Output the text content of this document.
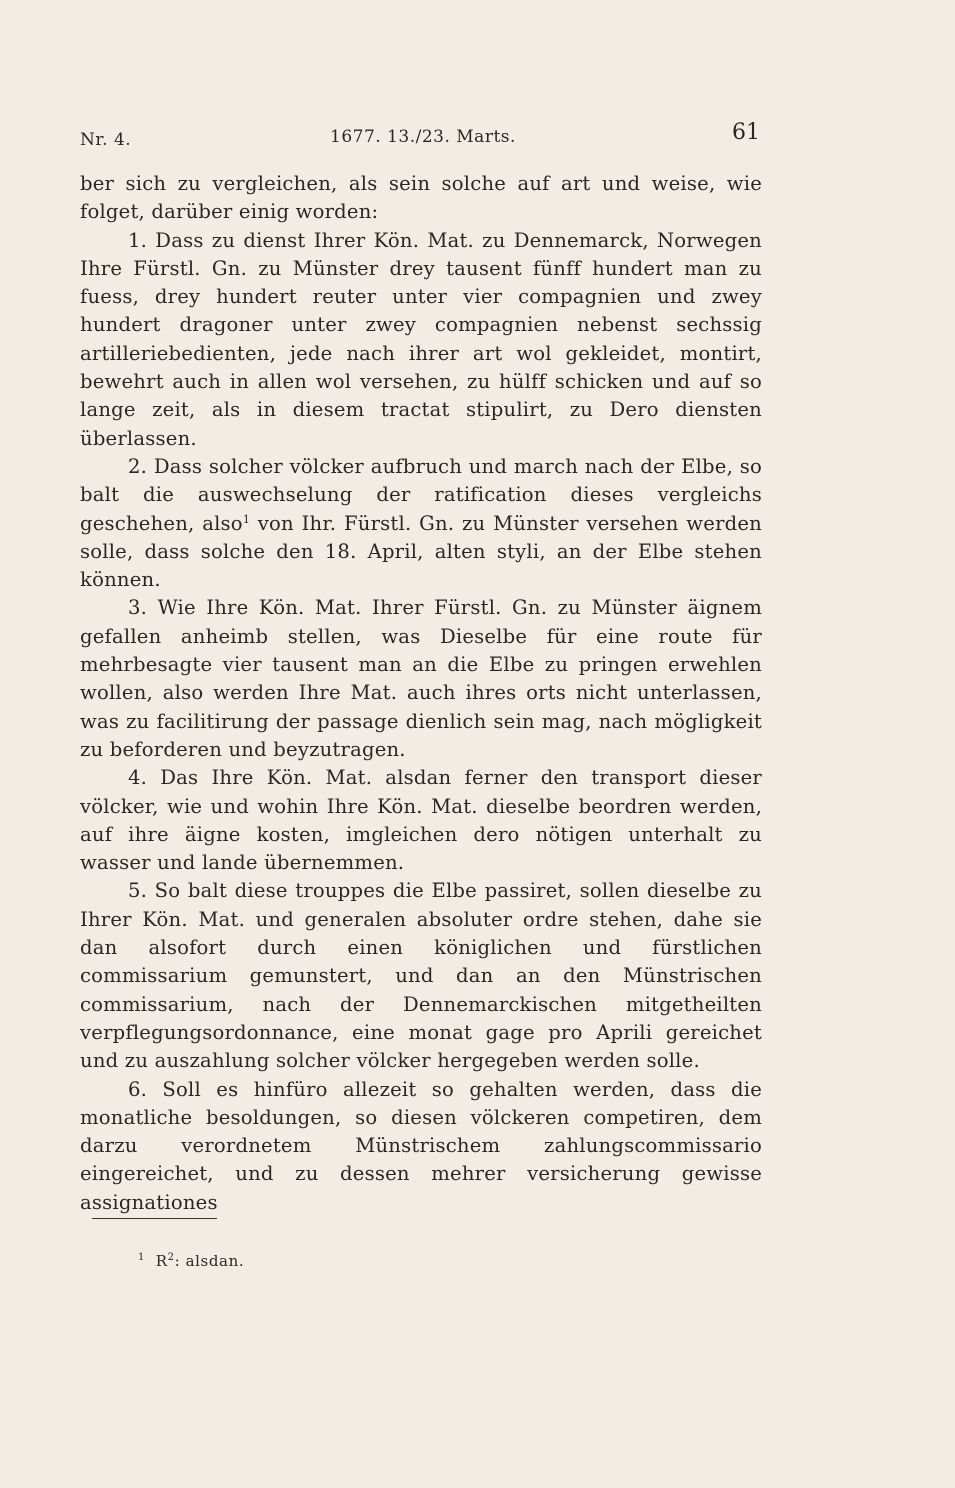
Nr. 4.	1677. 13./23. Marts.	61

ber sich zu vergleichen, als sein solche auf art und weise, wie folget, darüber einig worden:

1. Dass zu dienst Ihrer Kön. Mat. zu Dennemarck, Norwegen Ihre Fürstl. Gn. zu Münster drey tausent fünff hundert man zu fuess, drey hundert reuter unter vier compagnien und zwey hundert dragoner unter zwey compagnien nebenst sechssig artilleriebedienten, jede nach ihrer art wol gekleidet, montirt, bewehrt auch in allen wol versehen, zu hülff schicken und auf so lange zeit, als in diesem tractat stipulirt, zu Dero diensten überlassen.

2. Dass solcher völcker aufbruch und march nach der Elbe, so balt die auswechselung der ratification dieses vergleichs geschehen, also$^1$ von Ihr. Fürstl. Gn. zu Münster versehen werden solle, dass solche den 18. April, alten styli, an der Elbe stehen können.

3. Wie Ihre Kön. Mat. Ihrer Fürstl. Gn. zu Münster äignem gefallen anheimb stellen, was Dieselbe für eine route für mehrbesagte vier tausent man an die Elbe zu pringen erwehlen wollen, also werden Ihre Mat. auch ihres orts nicht unterlassen, was zu facilitirung der passage dienlich sein mag, nach mögligkeit zu beforderen und beyzutragen.

4. Das Ihre Kön. Mat. alsdan ferner den transport dieser völcker, wie und wohin Ihre Kön. Mat. dieselbe beordren werden, auf ihre äigne kosten, imgleichen dero nötigen unterhalt zu wasser und lande übernemmen.

5. So balt diese trouppes die Elbe passiret, sollen dieselbe zu Ihrer Kön. Mat. und generalen absoluter ordre stehen, dahe sie dan alsofort durch einen königlichen und fürstlichen commissarium gemunstert, und dan an den Münstrischen commissarium, nach der Dennemarckischen mitgetheilten verpflegungsordonnance, eine monat gage pro Aprili gereichet und zu auszahlung solcher völcker hergegeben werden solle.

6. Soll es hinfüro allezeit so gehalten werden, dass die monatliche besoldungen, so diesen völckeren competiren, dem darzu verordnetem Münstrischem zahlungscommissario eingereichet, und zu dessen mehrer versicherung gewisse assignationes

$^1$ $R^2$: alsdan.
